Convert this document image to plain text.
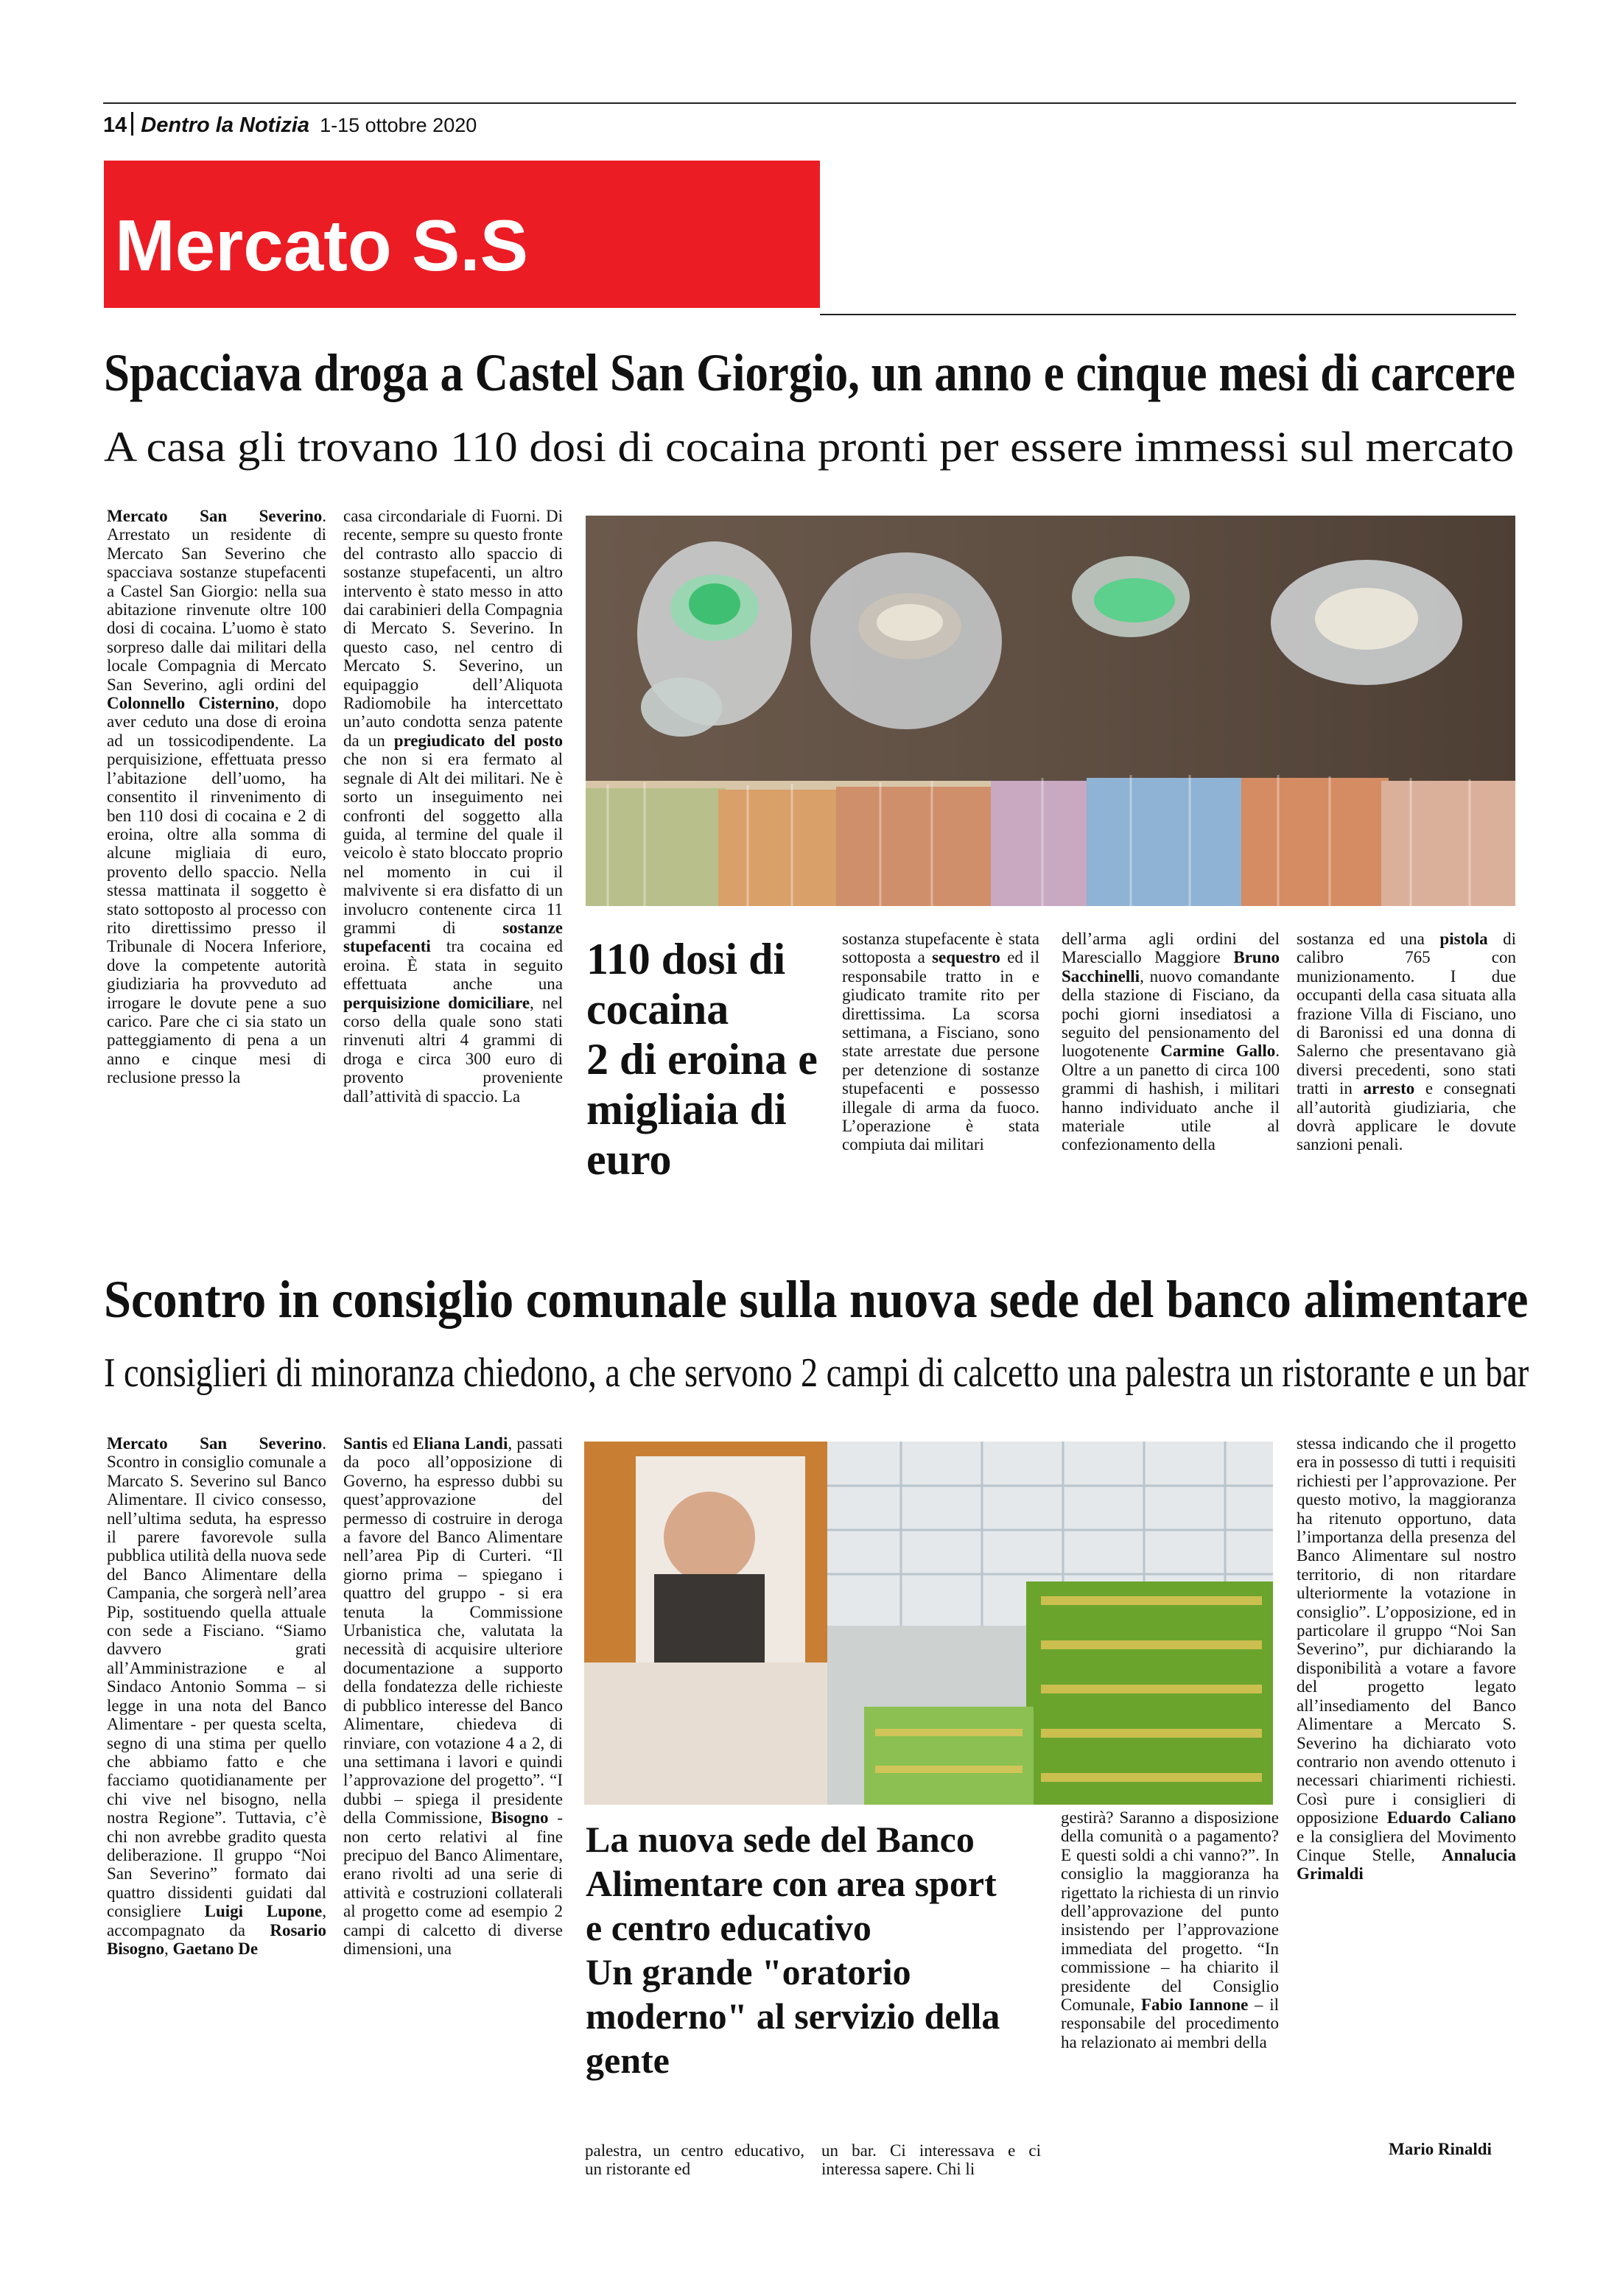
14 Dentro la Notizia 1-15 ottobre 2020
Mercato S.S
Spacciava droga a Castel San Giorgio, un anno e cinque mesi di carcere
A casa gli trovano 110 dosi di cocaina pronti per essere immessi sul mercato
Mercato San Severino. Arrestato un residente di Mercato San Severino che spacciava sostanze stupefacenti a Castel San Giorgio: nella sua abitazione rinvenute oltre 100 dosi di cocaina. L’uomo è stato sorpreso dalle dai militari della locale Compagnia di Mercato San Severino, agli ordini del Colonnello Cisternino, dopo aver ceduto una dose di eroina ad un tossicodipendente. La perquisizione, effettuata presso l’abitazione dell’uomo, ha consentito il rinvenimento di ben 110 dosi di cocaina e 2 di eroina, oltre alla somma di alcune migliaia di euro, provento dello spaccio. Nella stessa mattinata il soggetto è stato sottoposto al processo con rito direttissimo presso il Tribunale di Nocera Inferiore, dove la competente autorità giudiziaria ha provveduto ad irrogare le dovute pene a suo carico. Pare che ci sia stato un patteggiamento di pena a un anno e cinque mesi di reclusione presso la
casa circondariale di Fuorni. Di recente, sempre su questo fronte del contrasto allo spaccio di sostanze stupefacenti, un altro intervento è stato messo in atto dai carabinieri della Compagnia di Mercato S. Severino. In questo caso, nel centro di Mercato S. Severino, un equipaggio dell’Aliquota Radiomobile ha intercettato un’auto condotta senza patente da un pregiudicato del posto che non si era fermato al segnale di Alt dei militari. Ne è sorto un inseguimento nei confronti del soggetto alla guida, al termine del quale il veicolo è stato bloccato proprio nel momento in cui il malvivente si era disfatto di un involucro contenente circa 11 grammi di sostanze stupefacenti tra cocaina ed eroina. È stata in seguito effettuata anche una perquisizione domiciliare, nel corso della quale sono stati rinvenuti altri 4 grammi di droga e circa 300 euro di provento proveniente dall’attività di spaccio. La
110 dosi di
cocaina
2 di eroina e
migliaia di
euro
sostanza stupefacente è stata sottoposta a sequestro ed il responsabile tratto in e giudicato tramite rito per direttissima. La scorsa settimana, a Fisciano, sono state arrestate due persone per detenzione di sostanze stupefacenti e possesso illegale di arma da fuoco. L’operazione è stata compiuta dai militari
dell’arma agli ordini del Maresciallo Maggiore Bruno Sacchinelli, nuovo comandante della stazione di Fisciano, da pochi giorni insediatosi a seguito del pensionamento del luogotenente Carmine Gallo. Oltre a un panetto di circa 100 grammi di hashish, i militari hanno individuato anche il materiale utile al confezionamento della
sostanza ed una pistola di calibro 765 con munizionamento. I due occupanti della casa situata alla frazione Villa di Fisciano, uno di Baronissi ed una donna di Salerno che presentavano già diversi precedenti, sono stati tratti in arresto e consegnati all’autorità giudiziaria, che dovrà applicare le dovute sanzioni penali.
Scontro in consiglio comunale sulla nuova sede del banco alimentare
I consiglieri di minoranza chiedono, a che servono 2 campi di calcetto una palestra un ristorante e un bar
Mercato San Severino. Scontro in consiglio comunale a Marcato S. Severino sul Banco Alimentare. Il civico consesso, nell’ultima seduta, ha espresso il parere favorevole sulla pubblica utilità della nuova sede del Banco Alimentare della Campania, che sorgerà nell’area Pip, sostituendo quella attuale con sede a Fisciano. “Siamo davvero grati all’Amministrazione e al Sindaco Antonio Somma – si legge in una nota del Banco Alimentare - per questa scelta, segno di una stima per quello che abbiamo fatto e che facciamo quotidianamente per chi vive nel bisogno, nella nostra Regione”. Tuttavia, c’è chi non avrebbe gradito questa deliberazione. Il gruppo “Noi San Severino” formato dai quattro dissidenti guidati dal consigliere Luigi Lupone, accompagnato da Rosario Bisogno, Gaetano De
Santis ed Eliana Landi, passati da poco all’opposizione di Governo, ha espresso dubbi su quest’approvazione del permesso di costruire in deroga a favore del Banco Alimentare nell’area Pip di Curteri. “Il giorno prima – spiegano i quattro del gruppo - si era tenuta la Commissione Urbanistica che, valutata la necessità di acquisire ulteriore documentazione a supporto della fondatezza delle richieste di pubblico interesse del Banco Alimentare, chiedeva di rinviare, con votazione 4 a 2, di una settimana i lavori e quindi l’approvazione del progetto”. “I dubbi – spiega il presidente della Commissione, Bisogno - non certo relativi al fine precipuo del Banco Alimentare, erano rivolti ad una serie di attività e costruzioni collaterali al progetto come ad esempio 2 campi di calcetto di diverse dimensioni, una
La nuova sede del Banco
Alimentare con area sport
e centro educativo
Un grande "oratorio
moderno" al servizio della
gente
palestra, un centro educativo, un ristorante ed
un bar. Ci interessava e ci interessa sapere. Chi li
gestirà? Saranno a disposizione della comunità o a pagamento? E questi soldi a chi vanno?”. In consiglio la maggioranza ha rigettato la richiesta di un rinvio dell’approvazione del punto insistendo per l’approvazione immediata del progetto. “In commissione – ha chiarito il presidente del Consiglio Comunale, Fabio Iannone – il responsabile del procedimento ha relazionato ai membri della
stessa indicando che il progetto era in possesso di tutti i requisiti richiesti per l’approvazione. Per questo motivo, la maggioranza ha ritenuto opportuno, data l’importanza della presenza del Banco Alimentare sul nostro territorio, di non ritardare ulteriormente la votazione in consiglio”. L’opposizione, ed in particolare il gruppo “Noi San Severino”, pur dichiarando la disponibilità a votare a favore del progetto legato all’insediamento del Banco Alimentare a Mercato S. Severino ha dichiarato voto contrario non avendo ottenuto i necessari chiarimenti richiesti. Così pure i consiglieri di opposizione Eduardo Caliano e la consigliera del Movimento Cinque Stelle, Annalucia Grimaldi
Mario Rinaldi
